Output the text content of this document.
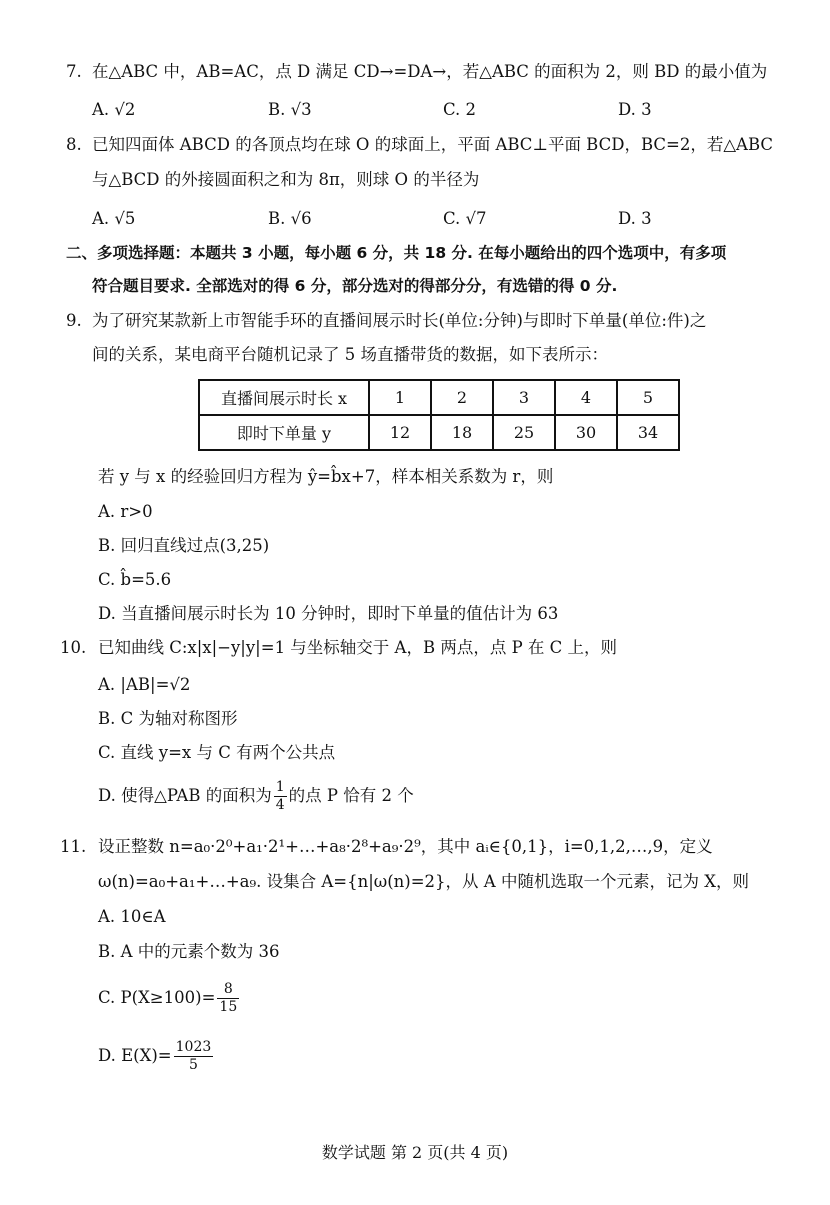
7. 在△ABC 中，AB=AC，点 D 满足 CD→=DA→，若△ABC 的面积为 2，则 BD 的最小值为
A. √2	B. √3	C. 2	D. 3
8. 已知四面体 ABCD 的各顶点均在球 O 的球面上，平面 ABC⊥平面 BCD，BC=2，若△ABC
与△BCD 的外接圆面积之和为 8π，则球 O 的半径为
A. √5	B. √6	C. √7	D. 3
二、多项选择题：本题共 3 小题，每小题 6 分，共 18 分. 在每小题给出的四个选项中，有多项
符合题目要求. 全部选对的得 6 分，部分选对的得部分分，有选错的得 0 分.
9. 为了研究某款新上市智能手环的直播间展示时长(单位:分钟)与即时下单量(单位:件)之
间的关系，某电商平台随机记录了 5 场直播带货的数据，如下表所示：
直播间展示时长 x	1	2	3	4	5
即时下单量 y	12	18	25	30	34
若 y 与 x 的经验回归方程为 ŷ=b̂x+7，样本相关系数为 r，则
A. r>0
B. 回归直线过点(3,25)
C. b̂=5.6
D. 当直播间展示时长为 10 分钟时，即时下单量的值估计为 63
10. 已知曲线 C:x|x|−y|y|=1 与坐标轴交于 A，B 两点，点 P 在 C 上，则
A. |AB|=√2
B. C 为轴对称图形
C. 直线 y=x 与 C 有两个公共点
D. 使得△PAB 的面积为 $\frac{1}{4}$ 的点 P 恰有 2 个
11. 设正整数 n=a₀·2⁰+a₁·2¹+…+a₈·2⁸+a₉·2⁹，其中 aᵢ∈{0,1}，i=0,1,2,…,9，定义
ω(n)=a₀+a₁+…+a₉. 设集合 A={n|ω(n)=2}，从 A 中随机选取一个元素，记为 X，则
A. 10∈A
B. A 中的元素个数为 36
C. $P(X\ge 100)= \frac{8}{15}$
D. $E(X)= \frac{1023}{5}$
数学试题 第 2 页(共 4 页)
